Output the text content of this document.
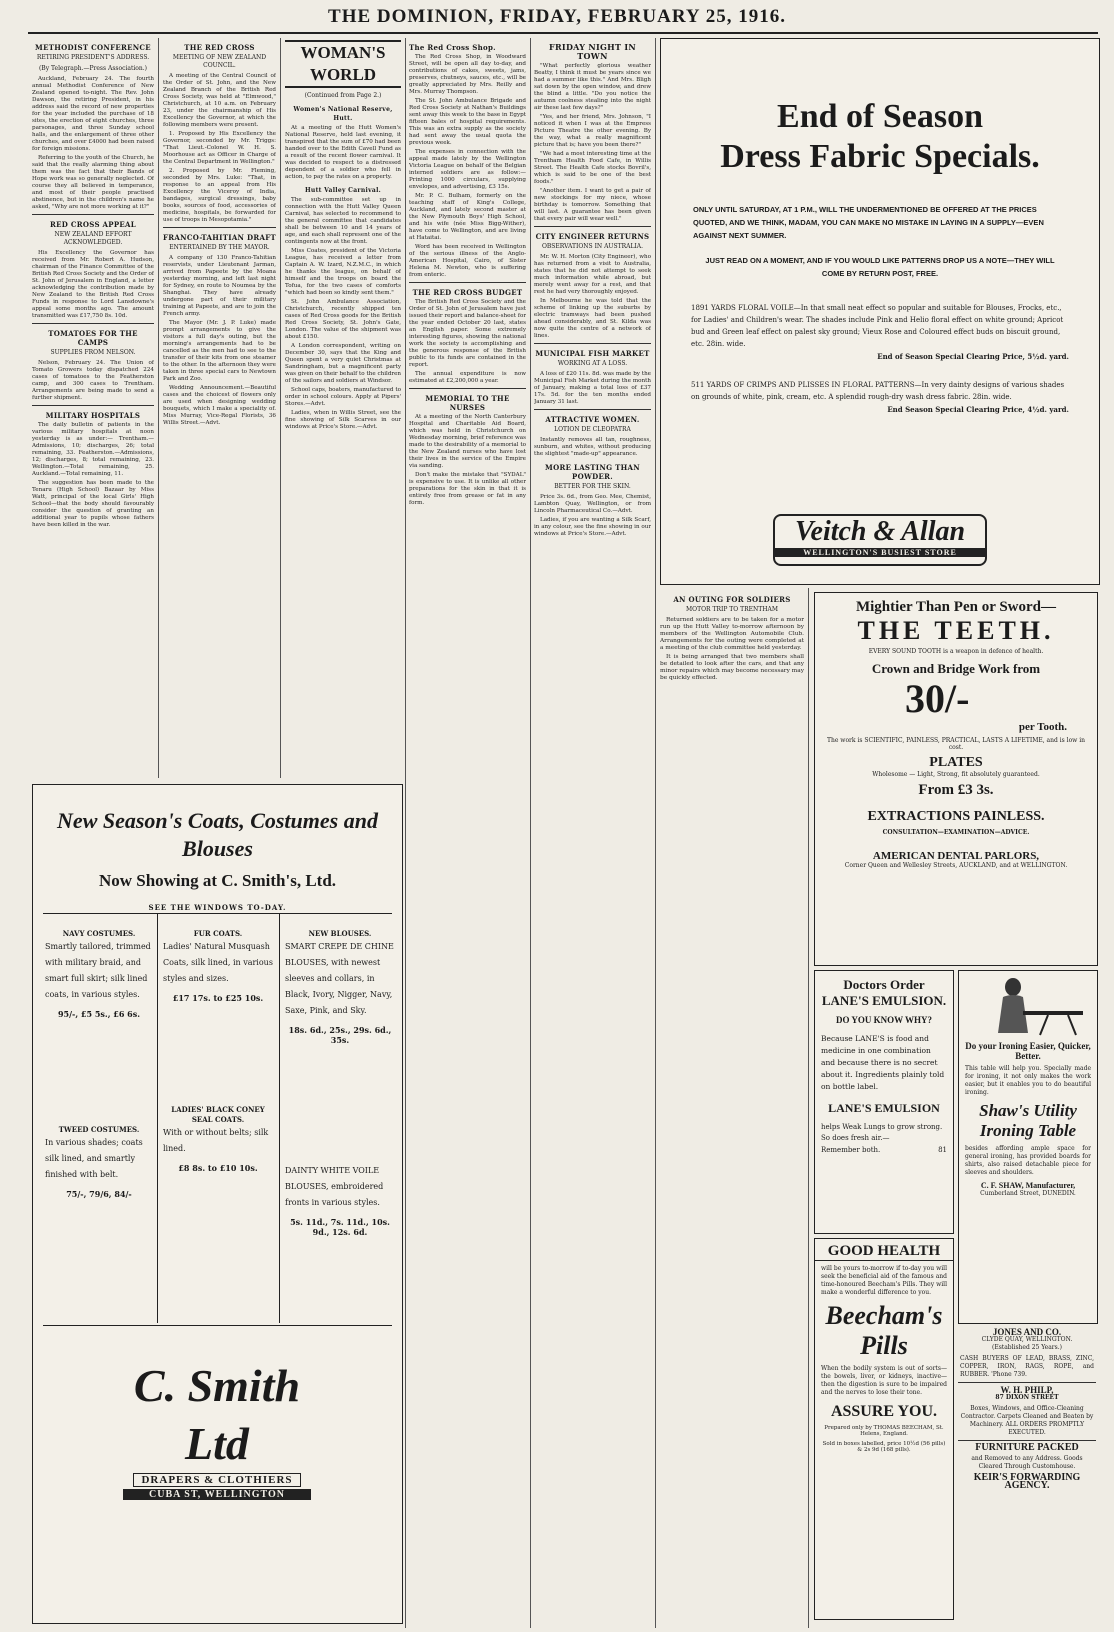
THE DOMINION, FRIDAY, FEBRUARY 25, 1916.
METHODIST CONFERENCE
RETIRING PRESIDENT'S ADDRESS.
(By Telegraph.—Press Association.)

Auckland, February 24. The fourth annual Methodist Conference of New Zealand opened to-night. The Rev. John Dawson, the retiring President, in his address said the record of new properties for the year included the purchase of 18 sites, the erection of eight churches, three parsonages, and three Sunday school halls, and the enlargement of three other churches, and over £4000 had been raised for foreign missions.

Referring to the youth of the Church, he said that the really alarming thing about them was the fact that their Bands of Hope work was so generally neglected. Of course they all believed in temperance, and most of their people practised abstinence, but in the children's name he asked, "Why are not more working at it?"

RED CROSS APPEAL
NEW ZEALAND EFFORT ACKNOWLEDGED.

His Excellency the Governor has received from Mr. Robert A. Hudson, chairman of the Finance Committee of the British Red Cross Society and the Order of St. John of Jerusalem in England, a letter acknowledging the contribution made by New Zealand to the British Red Cross Funds in response to Lord Lansdowne's appeal some months ago. The amount transmitted was £17,750 8s. 10d.

TOMATOES FOR THE CAMPS
SUPPLIES FROM NELSON.

Nelson, February 24. The Union of Tomato Growers today dispatched 224 cases of tomatoes to the Featherston camp, and 300 cases to Trentham. Arrangements are being made to send a further shipment.

MILITARY HOSPITALS

The daily bulletin of patients in the various military hospitals at noon yesterday is as under:— Trentham.—Admissions, 10; discharges, 26; total remaining, 33. Featherston.—Admissions, 12; discharges, 8; total remaining, 23. Wellington.—Total remaining, 25. Auckland.—Total remaining, 11.

The suggestion has been made to the Tenaru (High School) Bazaar by Miss Watt, principal of the local Girls' High School—that the body should favourably consider the question of granting an additional year to pupils whose fathers have been killed in the war.

THE RED CROSS
MEETING OF NEW ZEALAND COUNCIL.

A meeting of the Central Council of the Order of St. John, and the New Zealand Branch of the British Red Cross Society, was held at "Elmwood," Christchurch, at 10 a.m. on February 23, under the chairmanship of His Excellency the Governor, at which the following members were present.

1. Proposed by His Excellency the Governor, seconded by Mr. Triggs: "That Lieut.-Colonel W. H. S. Moorhouse act as Officer in Charge of the Central Department in Wellington."

2. Proposed by Mr. Fleming, seconded by Mrs. Luke: "That, in response to an appeal from His Excellency the Viceroy of India, bandages, surgical dressings, baby books, sources of food, accessories of medicine, hospitals, be forwarded for use of troops in Mesopotamia."

FRANCO-TAHITIAN DRAFT
ENTERTAINED BY THE MAYOR.

A company of 130 Franco-Tahitian reservists, under Lieutenant Jarman, arrived from Papeete by the Moana yesterday morning, and left last night for Sydney, en route to Noumea by the Shanghai. They have already undergone part of their military training at Papeete, and are to join the French army.

The Mayor (Mr. J. P. Luke) made prompt arrangements to give the visitors a full day's outing, but the morning's arrangements had to be cancelled as the men had to see to the transfer of their kits from one steamer to the other. In the afternoon they were taken in three special cars to Newtown Park and Zoo.

Wedding Announcement.—Beautiful cases and the choicest of flowers only are used when designing wedding bouquets, which I make a speciality of. Miss Murray, Vice-Regal Florists, 36 Willis Street.—Advt.

WOMAN'S WORLD
(Continued from Page 2.)
Women's National Reserve, Hutt.

At a meeting of the Hutt Women's National Reserve, held last evening, it transpired that the sum of £70 had been handed over to the Edith Cavell Fund as a result of the recent flower carnival. It was decided to respect to a distressed dependent of a soldier who fell in action, to pay the rates on a property.

Hutt Valley Carnival.

The sub-committee set up in connection with the Hutt Valley Queen Carnival, has selected to recommend to the general committee that candidates shall be between 10 and 14 years of age, and each shall represent one of the contingents now at the front.

Miss Coates, president of the Victoria League, has received a letter from Captain A. W. Izard, N.Z.M.C., in which he thanks the league, on behalf of himself and the troops on board the Tofua, for the two cases of comforts "which had been so kindly sent them."

St. John Ambulance Association, Christchurch, recently shipped ten cases of Red Cross goods for the British Red Cross Society, St. John's Gate, London. The value of the shipment was about £150.

A London correspondent, writing on December 30, says that the King and Queen spent a very quiet Christmas at Sandringham, but a magnificent party was given on their behalf to the children of the sailors and soldiers at Windsor.

School caps, boaters, manufactured to order in school colours. Apply at Pipers' Stores.—Advt.

Ladies, when in Willis Street, see the fine showing of Silk Scarves in our windows at Price's Store.—Advt.

The Red Cross Shop.

The Red Cross Shop, in Woodward Street, will be open all day to-day, and contributions of cakes, sweets, jams, preserves, chutneys, sauces, etc., will be greatly appreciated by Mrs. Reilly and Mrs. Murray Thompson.

The St. John Ambulance Brigade and Red Cross Society at Nathan's Buildings sent away this week to the base in Egypt fifteen bales of hospital requirements. This was an extra supply as the society had sent away the usual quota the previous week.

The expenses in connection with the appeal made lately by the Wellington Victoria League on behalf of the Belgian interned soldiers are as follow:— Printing 1000 circulars, supplying envelopes, and advertising, £3 15s.

Mr. P. C. Bulham, formerly on the teaching staff of King's College, Auckland, and lately second master at the New Plymouth Boys' High School, and his wife (née Miss Bigg-Wither), have come to Wellington, and are living at Hataitai.

Word has been received in Wellington of the serious illness of the Anglo-American Hospital, Cairo, of Sister Helena M. Newton, who is suffering from enteric.

THE RED CROSS BUDGET

The British Red Cross Society and the Order of St. John of Jerusalem have just issued their report and balance-sheet for the year ended October 20 last, states an English paper. Some extremely interesting figures, showing the national work the society is accomplishing and the generous response of the British public to its funds are contained in the report.

The annual expenditure is now estimated at £2,200,000 a year.

MEMORIAL TO THE NURSES

At a meeting of the North Canterbury Hospital and Charitable Aid Board, which was held in Christchurch on Wednesday morning, brief reference was made to the desirability of a memorial to the New Zealand nurses who have lost their lives in the service of the Empire via sanding.

Don't make the mistake that "SYDAL" is expensive to use. It is unlike all other preparations for the skin in that it is entirely free from grease or fat in any form.

FRIDAY NIGHT IN TOWN

"What perfectly glorious weather Beatty, I think it must be years since we had a summer like this." And Mrs. Bligh sat down by the open window, and drew the blind a little. "Do you notice the autumn coolness stealing into the night air these last few days?"

"Yes, and her friend, Mrs. Johnson, "I noticed it when I was at the Empress Picture Theatre the other evening. By the way, what a really magnificent picture that is; have you been there?"

"We had a most interesting time at the Trentham Health Food Cafe, in Willis Street. The Health Cafe stocks Bovril's, which is said to be one of the best foods."

"Another item. I want to get a pair of new stockings for my niece, whose birthday is tomorrow. Something that will last. A guarantee has been given that every pair will wear well."

CITY ENGINEER RETURNS
OBSERVATIONS IN AUSTRALIA.

Mr. W. H. Morton (City Engineer), who has returned from a visit to Australia, states that he did not attempt to seek much information while abroad, but merely went away for a rest, and that rest he had very thoroughly enjoyed.

In Melbourne he was told that the scheme of linking up the suburbs by electric tramways had been pushed ahead considerably, and St. Kilda was now quite the centre of a network of lines.

MUNICIPAL FISH MARKET
WORKING AT A LOSS.

A loss of £20 11s. 8d. was made by the Municipal Fish Market during the month of January, making a total loss of £37 17s. 5d. for the ten months ended January 31 last.

ATTRACTIVE WOMEN.
LOTION DE CLEOPATRA

Instantly removes all tan, roughness, sunburn, and whites, without producing the slightest "made-up" appearance.

MORE LASTING THAN POWDER.
BETTER FOR THE SKIN.

Price 3s. 6d., from Geo. Mee, Chemist, Lambton Quay, Wellington, or from Lincoln Pharmaceutical Co.—Advt.

Ladies, if you are wanting a Silk Scarf, in any colour, see the fine showing in our windows at Price's Store.—Advt.

End of Season
Dress Fabric Specials.
ONLY UNTIL SATURDAY, AT 1 P.M., WILL THE UNDERMENTIONED BE OFFERED AT THE PRICES QUOTED, AND WE THINK, MADAM, YOU CAN MAKE NO MISTAKE IN LAYING IN A SUPPLY—EVEN AGAINST NEXT SUMMER.
JUST READ ON A MOMENT, AND IF YOU WOULD LIKE PATTERNS DROP US A NOTE—THEY WILL COME BY RETURN POST, FREE.
1891 YARDS FLORAL VOILE—In that small neat effect so popular and suitable for Blouses, Frocks, etc., for Ladies' and Children's wear. The shades include Pink and Helio floral effect on white ground; Apricot bud and Green leaf effect on palest sky ground; Vieux Rose and Coloured effect buds on biscuit ground, etc. 28in. wide.
End of Season Special Clearing Price, 5½d. yard.
511 YARDS OF CRIMPS AND PLISSES IN FLORAL PATTERNS—In very dainty designs of various shades on grounds of white, pink, cream, etc. A splendid rough-dry wash dress fabric. 28in. wide.
End Season Special Clearing Price, 4½d. yard.
Veitch & Allan
WELLINGTON'S BUSIEST STORE
AN OUTING FOR SOLDIERS
MOTOR TRIP TO TRENTHAM

Returned soldiers are to be taken for a motor run up the Hutt Valley to-morrow afternoon by members of the Wellington Automobile Club. Arrangements for the outing were completed at a meeting of the club committee held yesterday.

It is being arranged that two members shall be detailed to look after the cars, and that any minor repairs which may become necessary may be quickly effected.

Mightier Than Pen or Sword—
THE TEETH.
EVERY SOUND TOOTH is a weapon in defence of health.
Crown and Bridge Work from
30/-
per Tooth.
The work is SCIENTIFIC, PAINLESS, PRACTICAL, LASTS A LIFETIME, and is low in cost.
PLATES
Wholesome — Light, Strong, fit absolutely guaranteed.
From £3 3s.
EXTRACTIONS PAINLESS.
CONSULTATION—EXAMINATION—ADVICE.
AMERICAN DENTAL PARLORS,
Corner Queen and Wellesley Streets, AUCKLAND, and at WELLINGTON.
Doctors Order
LANE'S EMULSION.
DO YOU KNOW WHY?
Because LANE'S is food and medicine in one combination and because there is no secret about it. Ingredients plainly told on bottle label.
LANE'S EMULSION
helps Weak Lungs to grow strong. So does fresh air.—
Remember both.	81
Do your Ironing Easier, Quicker, Better.
This table will help you. Specially made for ironing, it not only makes the work easier, but it enables you to do beautiful ironing.
Shaw's Utility
Ironing Table
besides affording ample space for general ironing, has provided boards for shirts, also raised detachable piece for sleeves and shoulders.
C. F. SHAW, Manufacturer,
Cumberland Street, DUNEDIN.
GOOD HEALTH
will be yours to-morrow if to-day you will seek the beneficial aid of the famous and time-honoured Beecham's Pills. They will make a wonderful difference to you.
Beecham's
Pills
When the bodily system is out of sorts—the bowels, liver, or kidneys, inactive—then the digestion is sure to be impaired and the nerves to lose their tone.
ASSURE YOU.
Prepared only by THOMAS BEECHAM, St. Helens, England.
Sold in boxes labelled, price 10½d (56 pills) & 2s 9d (168 pills).
JONES AND CO.
CLYDE QUAY, WELLINGTON.
(Established 25 Years.)
CASH BUYERS OF LEAD, BRASS, ZINC, COPPER, IRON, RAGS, ROPE, and RUBBER. 'Phone 739.
W. H. PHILP,
87 DIXON STREET
Boxes, Windows, and Office-Cleaning Contractor. Carpets Cleaned and Beaten by Machinery. ALL ORDERS PROMPTLY EXECUTED.
FURNITURE PACKED
and Removed to any Address. Goods Cleared Through Customhouse.
KEIR'S FORWARDING AGENCY.
New Season's Coats, Costumes and Blouses
Now Showing at C. Smith's, Ltd.
SEE THE WINDOWS TO-DAY.
NAVY COSTUMES.
Smartly tailored, trimmed with military braid, and smart full skirt; silk lined coats, in various styles.
95/-, £5 5s., £6 6s.
TWEED COSTUMES.
In various shades; coats silk lined, and smartly finished with belt.
75/-, 79/6, 84/-
FUR COATS.
Ladies' Natural Musquash Coats, silk lined, in various styles and sizes.
£17 17s. to £25 10s.
LADIES' BLACK CONEY SEAL COATS.
With or without belts; silk lined.
£8 8s. to £10 10s.
NEW BLOUSES.
SMART CREPE DE CHINE BLOUSES, with newest sleeves and collars, in Black, Ivory, Nigger, Navy, Saxe, Pink, and Sky.
18s. 6d., 25s., 29s. 6d., 35s.
DAINTY WHITE VOILE BLOUSES, embroidered fronts in various styles.
5s. 11d., 7s. 11d., 10s. 9d., 12s. 6d.
C. Smith Ltd
DRAPERS & CLOTHIERS
CUBA ST, WELLINGTON
